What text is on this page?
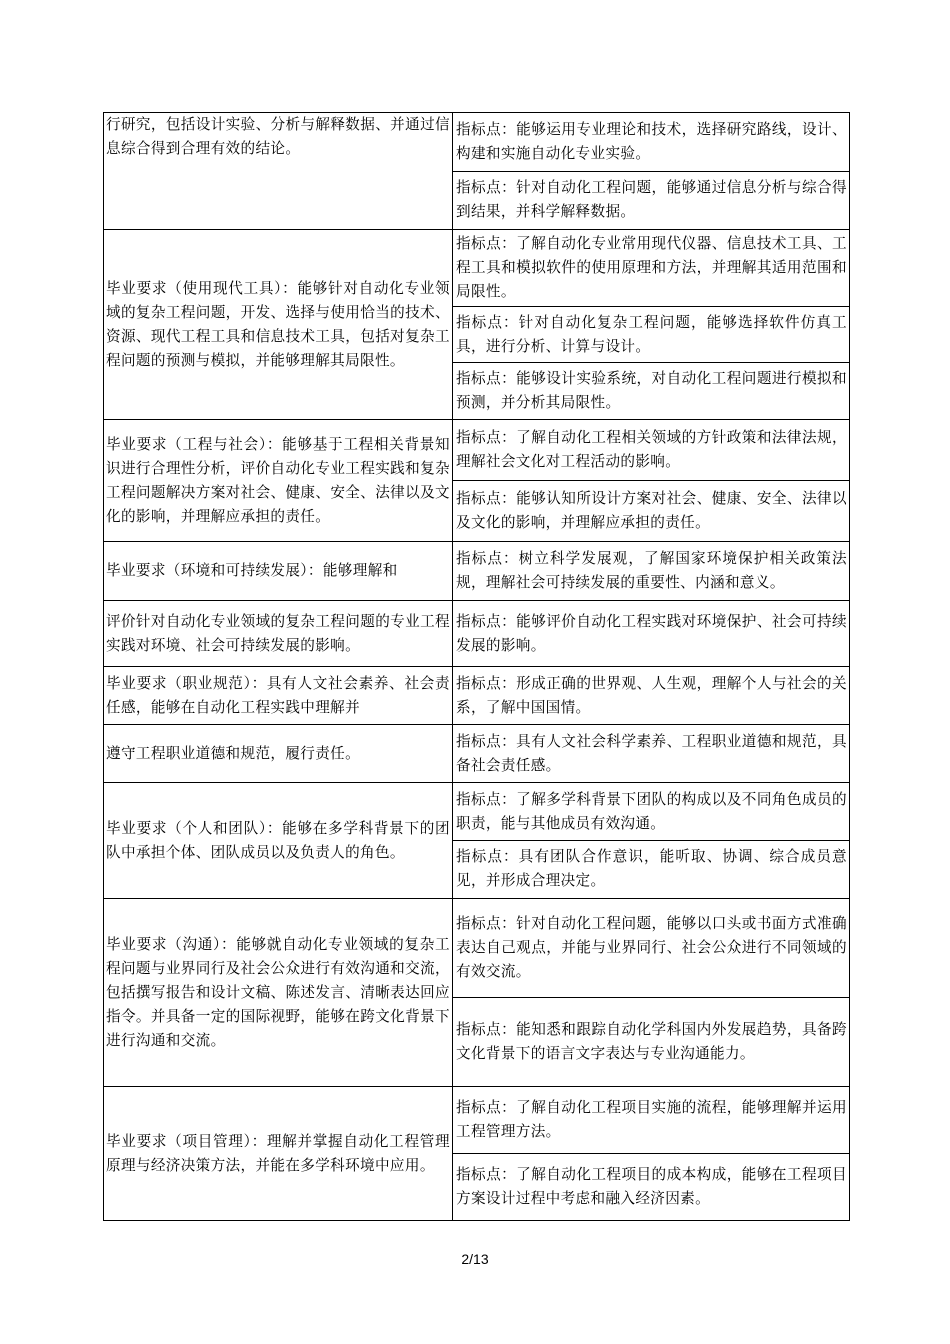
行研究，包括设计实验、分析与解释数据、并通过信息综合得到合理有效的结论。
指标点：能够运用专业理论和技术，选择研究路线，设计、构建和实施自动化专业实验。
指标点：针对自动化工程问题，能够通过信息分析与综合得到结果，并科学解释数据。
毕业要求（使用现代工具）：能够针对自动化专业领域的复杂工程问题，开发、选择与使用恰当的技术、资源、现代工程工具和信息技术工具，包括对复杂工程问题的预测与模拟，并能够理解其局限性。
指标点：了解自动化专业常用现代仪器、信息技术工具、工程工具和模拟软件的使用原理和方法，并理解其适用范围和局限性。
指标点：针对自动化复杂工程问题，能够选择软件仿真工具，进行分析、计算与设计。
指标点：能够设计实验系统，对自动化工程问题进行模拟和预测，并分析其局限性。
毕业要求（工程与社会）：能够基于工程相关背景知识进行合理性分析，评价自动化专业工程实践和复杂工程问题解决方案对社会、健康、安全、法律以及文化的影响，并理解应承担的责任。
指标点：了解自动化工程相关领域的方针政策和法律法规，理解社会文化对工程活动的影响。
指标点：能够认知所设计方案对社会、健康、安全、法律以及文化的影响，并理解应承担的责任。
毕业要求（环境和可持续发展）：能够理解和
指标点：树立科学发展观，了解国家环境保护相关政策法规，理解社会可持续发展的重要性、内涵和意义。
评价针对自动化专业领域的复杂工程问题的专业工程实践对环境、社会可持续发展的影响。
指标点：能够评价自动化工程实践对环境保护、社会可持续发展的影响。
毕业要求（职业规范）：具有人文社会素养、社会责任感，能够在自动化工程实践中理解并
指标点：形成正确的世界观、人生观，理解个人与社会的关系，了解中国国情。
遵守工程职业道德和规范，履行责任。
指标点：具有人文社会科学素养、工程职业道德和规范，具备社会责任感。
毕业要求（个人和团队）：能够在多学科背景下的团队中承担个体、团队成员以及负责人的角色。
指标点：了解多学科背景下团队的构成以及不同角色成员的职责，能与其他成员有效沟通。
指标点：具有团队合作意识，能听取、协调、综合成员意见，并形成合理决定。
毕业要求（沟通）：能够就自动化专业领域的复杂工程问题与业界同行及社会公众进行有效沟通和交流，包括撰写报告和设计文稿、陈述发言、清晰表达回应指令。并具备一定的国际视野，能够在跨文化背景下进行沟通和交流。
指标点：针对自动化工程问题，能够以口头或书面方式准确表达自己观点，并能与业界同行、社会公众进行不同领域的有效交流。
指标点：能知悉和跟踪自动化学科国内外发展趋势，具备跨文化背景下的语言文字表达与专业沟通能力。
毕业要求（项目管理）：理解并掌握自动化工程管理原理与经济决策方法，并能在多学科环境中应用。
指标点：了解自动化工程项目实施的流程，能够理解并运用工程管理方法。
指标点：了解自动化工程项目的成本构成，能够在工程项目方案设计过程中考虑和融入经济因素。
2/13
